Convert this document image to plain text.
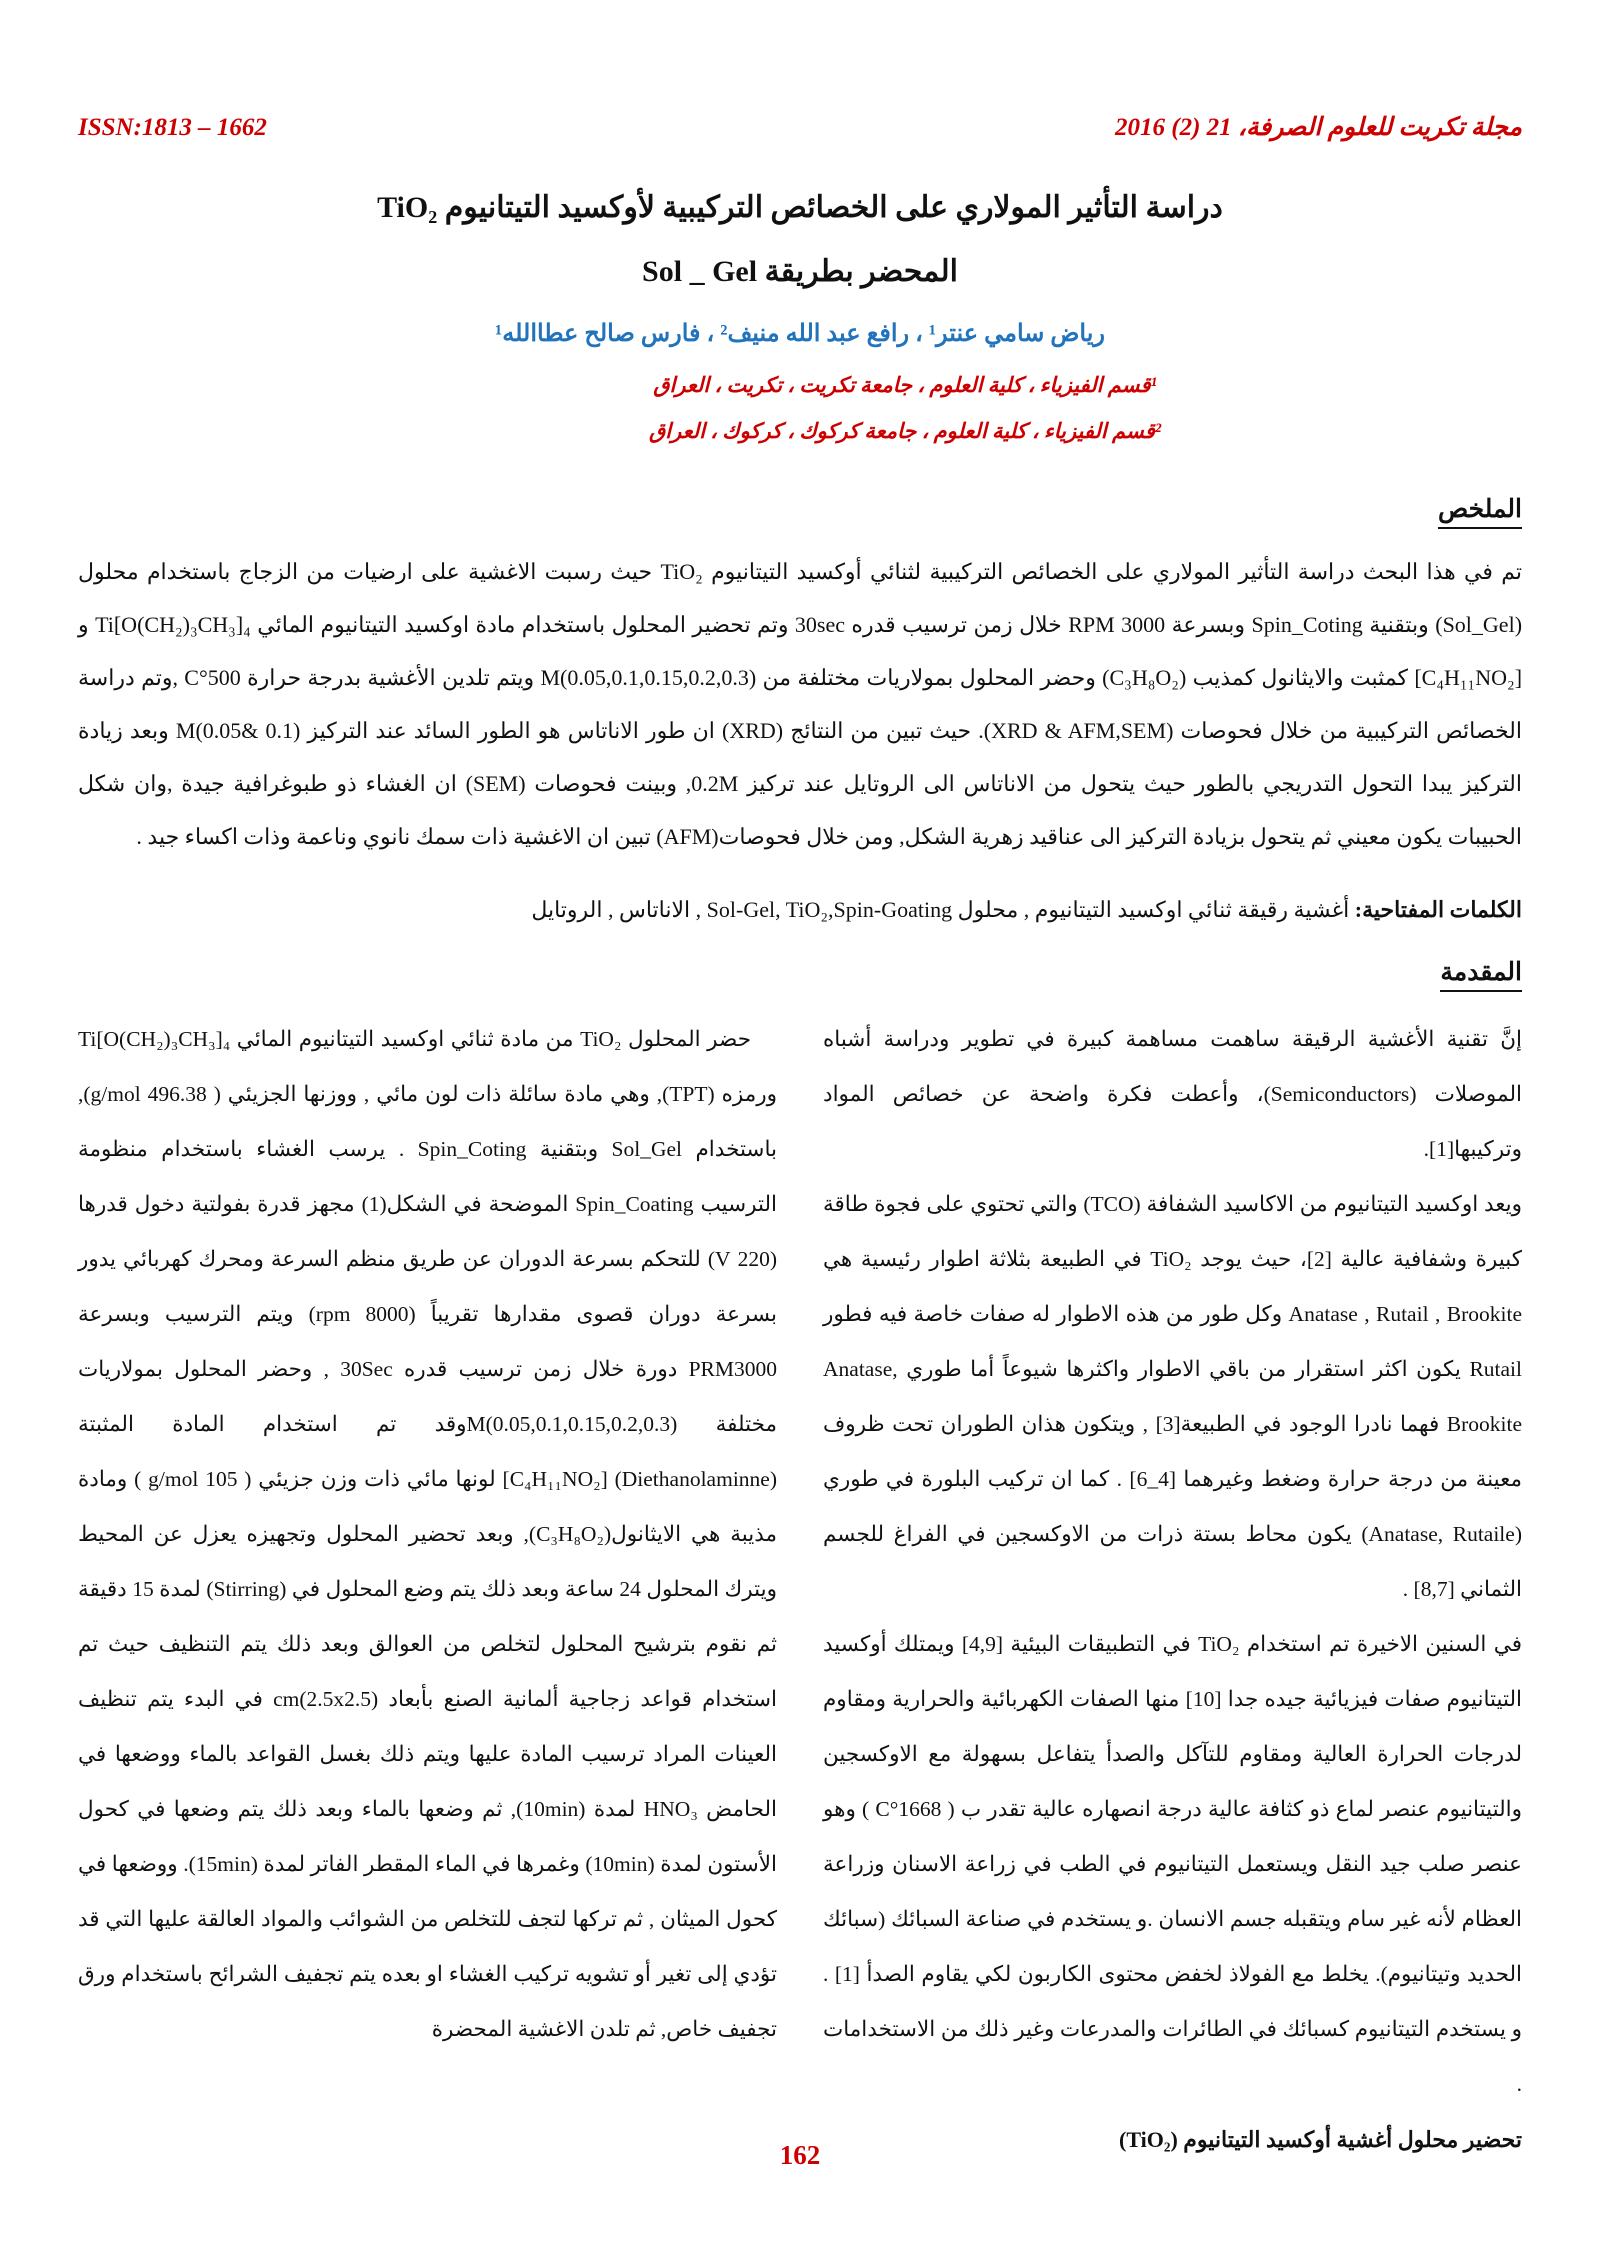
ISSN:1813 – 1662	مجلة تكريت للعلوم الصرفة، 21 (2) 2016
دراسة التأثير المولاري على الخصائص التركيبية لأوكسيد التيتانيوم TiO₂
المحضر بطريقة Sol _ Gel
رياض سامي عنتر¹ ، رافع عبد الله منيف² ، فارس صالح عطاالله¹
¹قسم الفيزياء ، كلية العلوم ، جامعة تكريت ، تكريت ، العراق
²قسم الفيزياء ، كلية العلوم ، جامعة كركوك ، كركوك ، العراق
الملخص

تم في هذا البحث دراسة التأثير المولاري على الخصائص التركيبية لثنائي أوكسيد التيتانيوم TiO₂ حيث رسبت الاغشية على ارضيات من الزجاج باستخدام محلول (Sol_Gel) وبتقنية Spin_Coting وبسرعة 3000 RPM خلال زمن ترسيب قدره 30sec وتم تحضير المحلول باستخدام مادة اوكسيد التيتانيوم المائي Ti[O(CH₂)₃CH₃]₄ و [C₄H₁₁NO₂] كمثبت والايثانول كمذيب (C₃H₈O₂) وحضر المحلول بمولاريات مختلفة من M(0.05,0.1,0.15,0.2,0.3) ويتم تلدين الأغشية بدرجة حرارة 500°C ,وتم دراسة الخصائص التركيبية من خلال فحوصات (XRD & AFM,SEM). حيث تبين من النتائج (XRD) ان طور الاناتاس هو الطور السائد عند التركيز M(0.05& 0.1) وبعد زيادة التركيز يبدا التحول التدريجي بالطور حيث يتحول من الاناتاس الى الروتايل عند تركيز 0.2M, وبينت فحوصات (SEM) ان الغشاء ذو طبوغرافية جيدة ,وان شكل الحبيبات يكون معيني ثم يتحول بزيادة التركيز الى عناقيد زهرية الشكل, ومن خلال فحوصات(AFM) تبين ان الاغشية ذات سمك نانوي وناعمة وذات اكساء جيد .

الكلمات المفتاحية: أغشية رقيقة ثنائي اوكسيد التيتانيوم , محلول Sol-Gel, TiO₂,Spin-Goating , الاناتاس , الروتايل

المقدمة

إنَّ تقنية الأغشية الرقيقة ساهمت مساهمة كبيرة في تطوير ودراسة أشباه الموصلات (Semiconductors)، وأعطت فكرة واضحة عن خصائص المواد وتركيبها[1].

ويعد اوكسيد التيتانيوم من الاكاسيد الشفافة (TCO) والتي تحتوي على فجوة طاقة كبيرة وشفافية عالية [2]، حيث يوجد TiO₂ في الطبيعة بثلاثة اطوار رئيسية هي Anatase , Rutail , Brookite وكل طور من هذه الاطوار له صفات خاصة فيه فطور Rutail يكون اكثر استقرار من باقي الاطوار واكثرها شيوعاً أما طوري ,Anatase Brookite فهما نادرا الوجود في الطبيعة[3] , ويتكون هذان الطوران تحت ظروف معينة من درجة حرارة وضغط وغيرهما [4_6] . كما ان تركيب البلورة في طوري (Anatase, Rutaile) يكون محاط بستة ذرات من الاوكسجين في الفراغ للجسم الثماني [8,7] .

في السنين الاخيرة تم استخدام TiO₂ في التطبيقات البيئية [4,9] ويمتلك أوكسيد التيتانيوم صفات فيزيائية جيده جدا [10] منها الصفات الكهربائية والحرارية ومقاوم لدرجات الحرارة العالية ومقاوم للتآكل والصدأ يتفاعل بسهولة مع الاوكسجين والتيتانيوم عنصر لماع ذو كثافة عالية درجة انصهاره عالية تقدر ب ( 1668°C ) وهو عنصر صلب جيد النقل ويستعمل التيتانيوم في الطب في زراعة الاسنان وزراعة العظام لأنه غير سام ويتقبله جسم الانسان .و يستخدم في صناعة السبائك (سبائك الحديد وتيتانيوم). يخلط مع الفولاذ لخفض محتوى الكاربون لكي يقاوم الصدأ [1] . و يستخدم التيتانيوم كسبائك في الطائرات والمدرعات وغير ذلك من الاستخدامات .

تحضير محلول أغشية أوكسيد التيتانيوم (TiO₂)

حضر المحلول TiO₂ من مادة ثنائي اوكسيد التيتانيوم المائي Ti[O(CH₂)₃CH₃]₄ ورمزه (TPT), وهي مادة سائلة ذات لون مائي , ووزنها الجزيئي ( 496.38 g/mol), باستخدام Sol_Gel وبتقنية Spin_Coting . يرسب الغشاء باستخدام منظومة الترسيب Spin_Coating الموضحة في الشكل(1) مجهز قدرة بفولتية دخول قدرها (220 V) للتحكم بسرعة الدوران عن طريق منظم السرعة ومحرك كهربائي يدور بسرعة دوران قصوى مقدارها تقريباً (8000 rpm) ويتم الترسيب وبسرعة PRM3000 دورة خلال زمن ترسيب قدره 30Sec , وحضر المحلول بمولاريات مختلفة M(0.05,0.1,0.15,0.2,0.3)وقد تم استخدام المادة المثبتة (Diethanolaminne) [C₄H₁₁NO₂] لونها مائي ذات وزن جزيئي ( 105 g/mol ) ومادة مذيبة هي الايثانول(C₃H₈O₂), وبعد تحضير المحلول وتجهيزه يعزل عن المحيط ويترك المحلول 24 ساعة وبعد ذلك يتم وضع المحلول في (Stirring) لمدة 15 دقيقة ثم نقوم بترشيح المحلول لتخلص من العوالق وبعد ذلك يتم التنظيف حيث تم استخدام قواعد زجاجية ألمانية الصنع بأبعاد cm(2.5x2.5) في البدء يتم تنظيف العينات المراد ترسيب المادة عليها ويتم ذلك بغسل القواعد بالماء ووضعها في الحامض HNO₃ لمدة (10min), ثم وضعها بالماء وبعد ذلك يتم وضعها في كحول الأستون لمدة (10min) وغمرها في الماء المقطر الفاتر لمدة (15min). ووضعها في كحول الميثان , ثم تركها لتجف للتخلص من الشوائب والمواد العالقة عليها التي قد تؤدي إلى تغير أو تشويه تركيب الغشاء او بعده يتم تجفيف الشرائح باستخدام ورق تجفيف خاص, ثم تلدن الاغشية المحضرة

162
